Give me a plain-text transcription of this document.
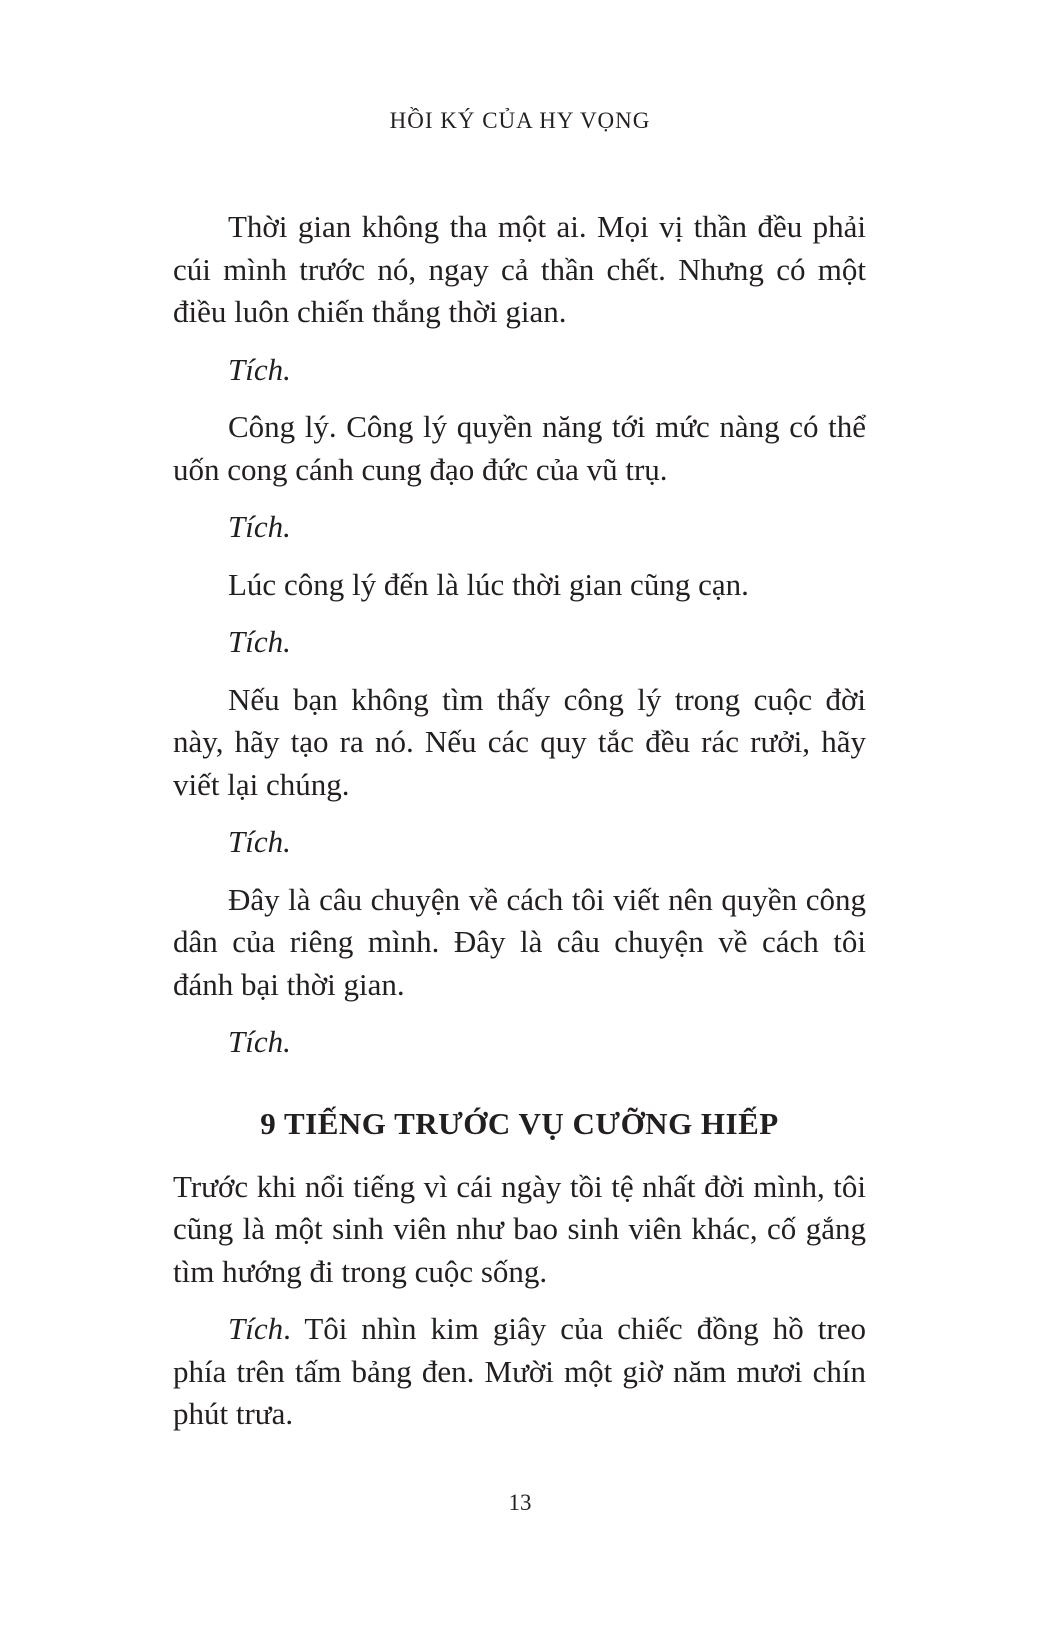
HỒI KÝ CỦA HY VỌNG

Thời gian không tha một ai. Mọi vị thần đều phải cúi mình trước nó, ngay cả thần chết. Nhưng có một điều luôn chiến thắng thời gian.

Tích.

Công lý. Công lý quyền năng tới mức nàng có thể uốn cong cánh cung đạo đức của vũ trụ.

Tích.

Lúc công lý đến là lúc thời gian cũng cạn.

Tích.

Nếu bạn không tìm thấy công lý trong cuộc đời này, hãy tạo ra nó. Nếu các quy tắc đều rác rưởi, hãy viết lại chúng.

Tích.

Đây là câu chuyện về cách tôi viết nên quyền công dân của riêng mình. Đây là câu chuyện về cách tôi đánh bại thời gian.

Tích.

9 TIẾNG TRƯỚC VỤ CƯỠNG HIẾP

Trước khi nổi tiếng vì cái ngày tồi tệ nhất đời mình, tôi cũng là một sinh viên như bao sinh viên khác, cố gắng tìm hướng đi trong cuộc sống.

Tích. Tôi nhìn kim giây của chiếc đồng hồ treo phía trên tấm bảng đen. Mười một giờ năm mươi chín phút trưa.

13
